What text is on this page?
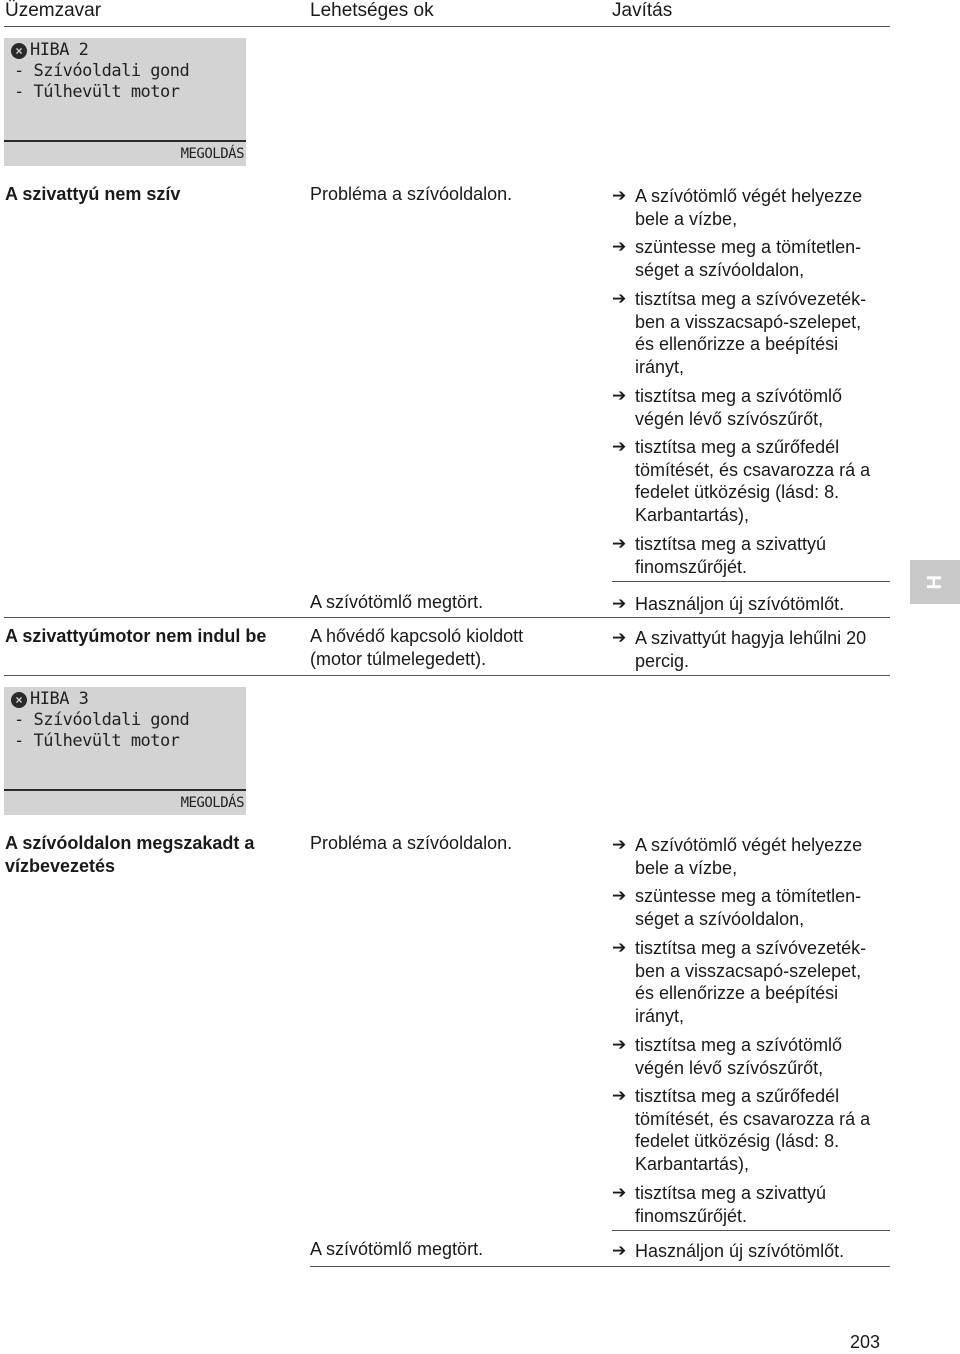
Üzemzavar	Lehetséges ok	Javítás
× HIBA 2
- Szívóoldali gond
- Túlhevült motor
MEGOLDÁS
A szivattyú nem szív	Probléma a szívóoldalon.	➔ A szívótömlő végét helyezze bele a vízbe,
➔ szüntesse meg a tömítetlen-séget a szívóoldalon,
➔ tisztítsa meg a szívóvezeték-ben a visszacsapó-szelepet, és ellenőrizze a beépítési irányt,
➔ tisztítsa meg a szívótömlő végén lévő szívószűrőt,
➔ tisztítsa meg a szűrőfedél tömítését, és csavarozza rá a fedelet ütközésig (lásd: 8. Karbantartás),
➔ tisztítsa meg a szivattyú finomszűrőjét.
A szívótömlő megtört.	➔ Használjon új szívótömlőt.
A szivattyúmotor nem indul be	A hővédő kapcsoló kioldott (motor túlmelegedett).
➔ A szivattyút hagyja lehűlni 20 percig.
× HIBA 3
- Szívóoldali gond
- Túlhevült motor
MEGOLDÁS
A szívóoldalon megszakadt a vízbevezetés
Probléma a szívóoldalon.	➔ A szívótömlő végét helyezze bele a vízbe,
➔ szüntesse meg a tömítetlen-séget a szívóoldalon,
➔ tisztítsa meg a szívóvezeték-ben a visszacsapó-szelepet, és ellenőrizze a beépítési irányt,
➔ tisztítsa meg a szívótömlő végén lévő szívószűrőt,
➔ tisztítsa meg a szűrőfedél tömítését, és csavarozza rá a fedelet ütközésig (lásd: 8. Karbantartás),
➔ tisztítsa meg a szivattyú finomszűrőjét.
A szívótömlő megtört.	➔ Használjon új szívótömlőt.
H
203
